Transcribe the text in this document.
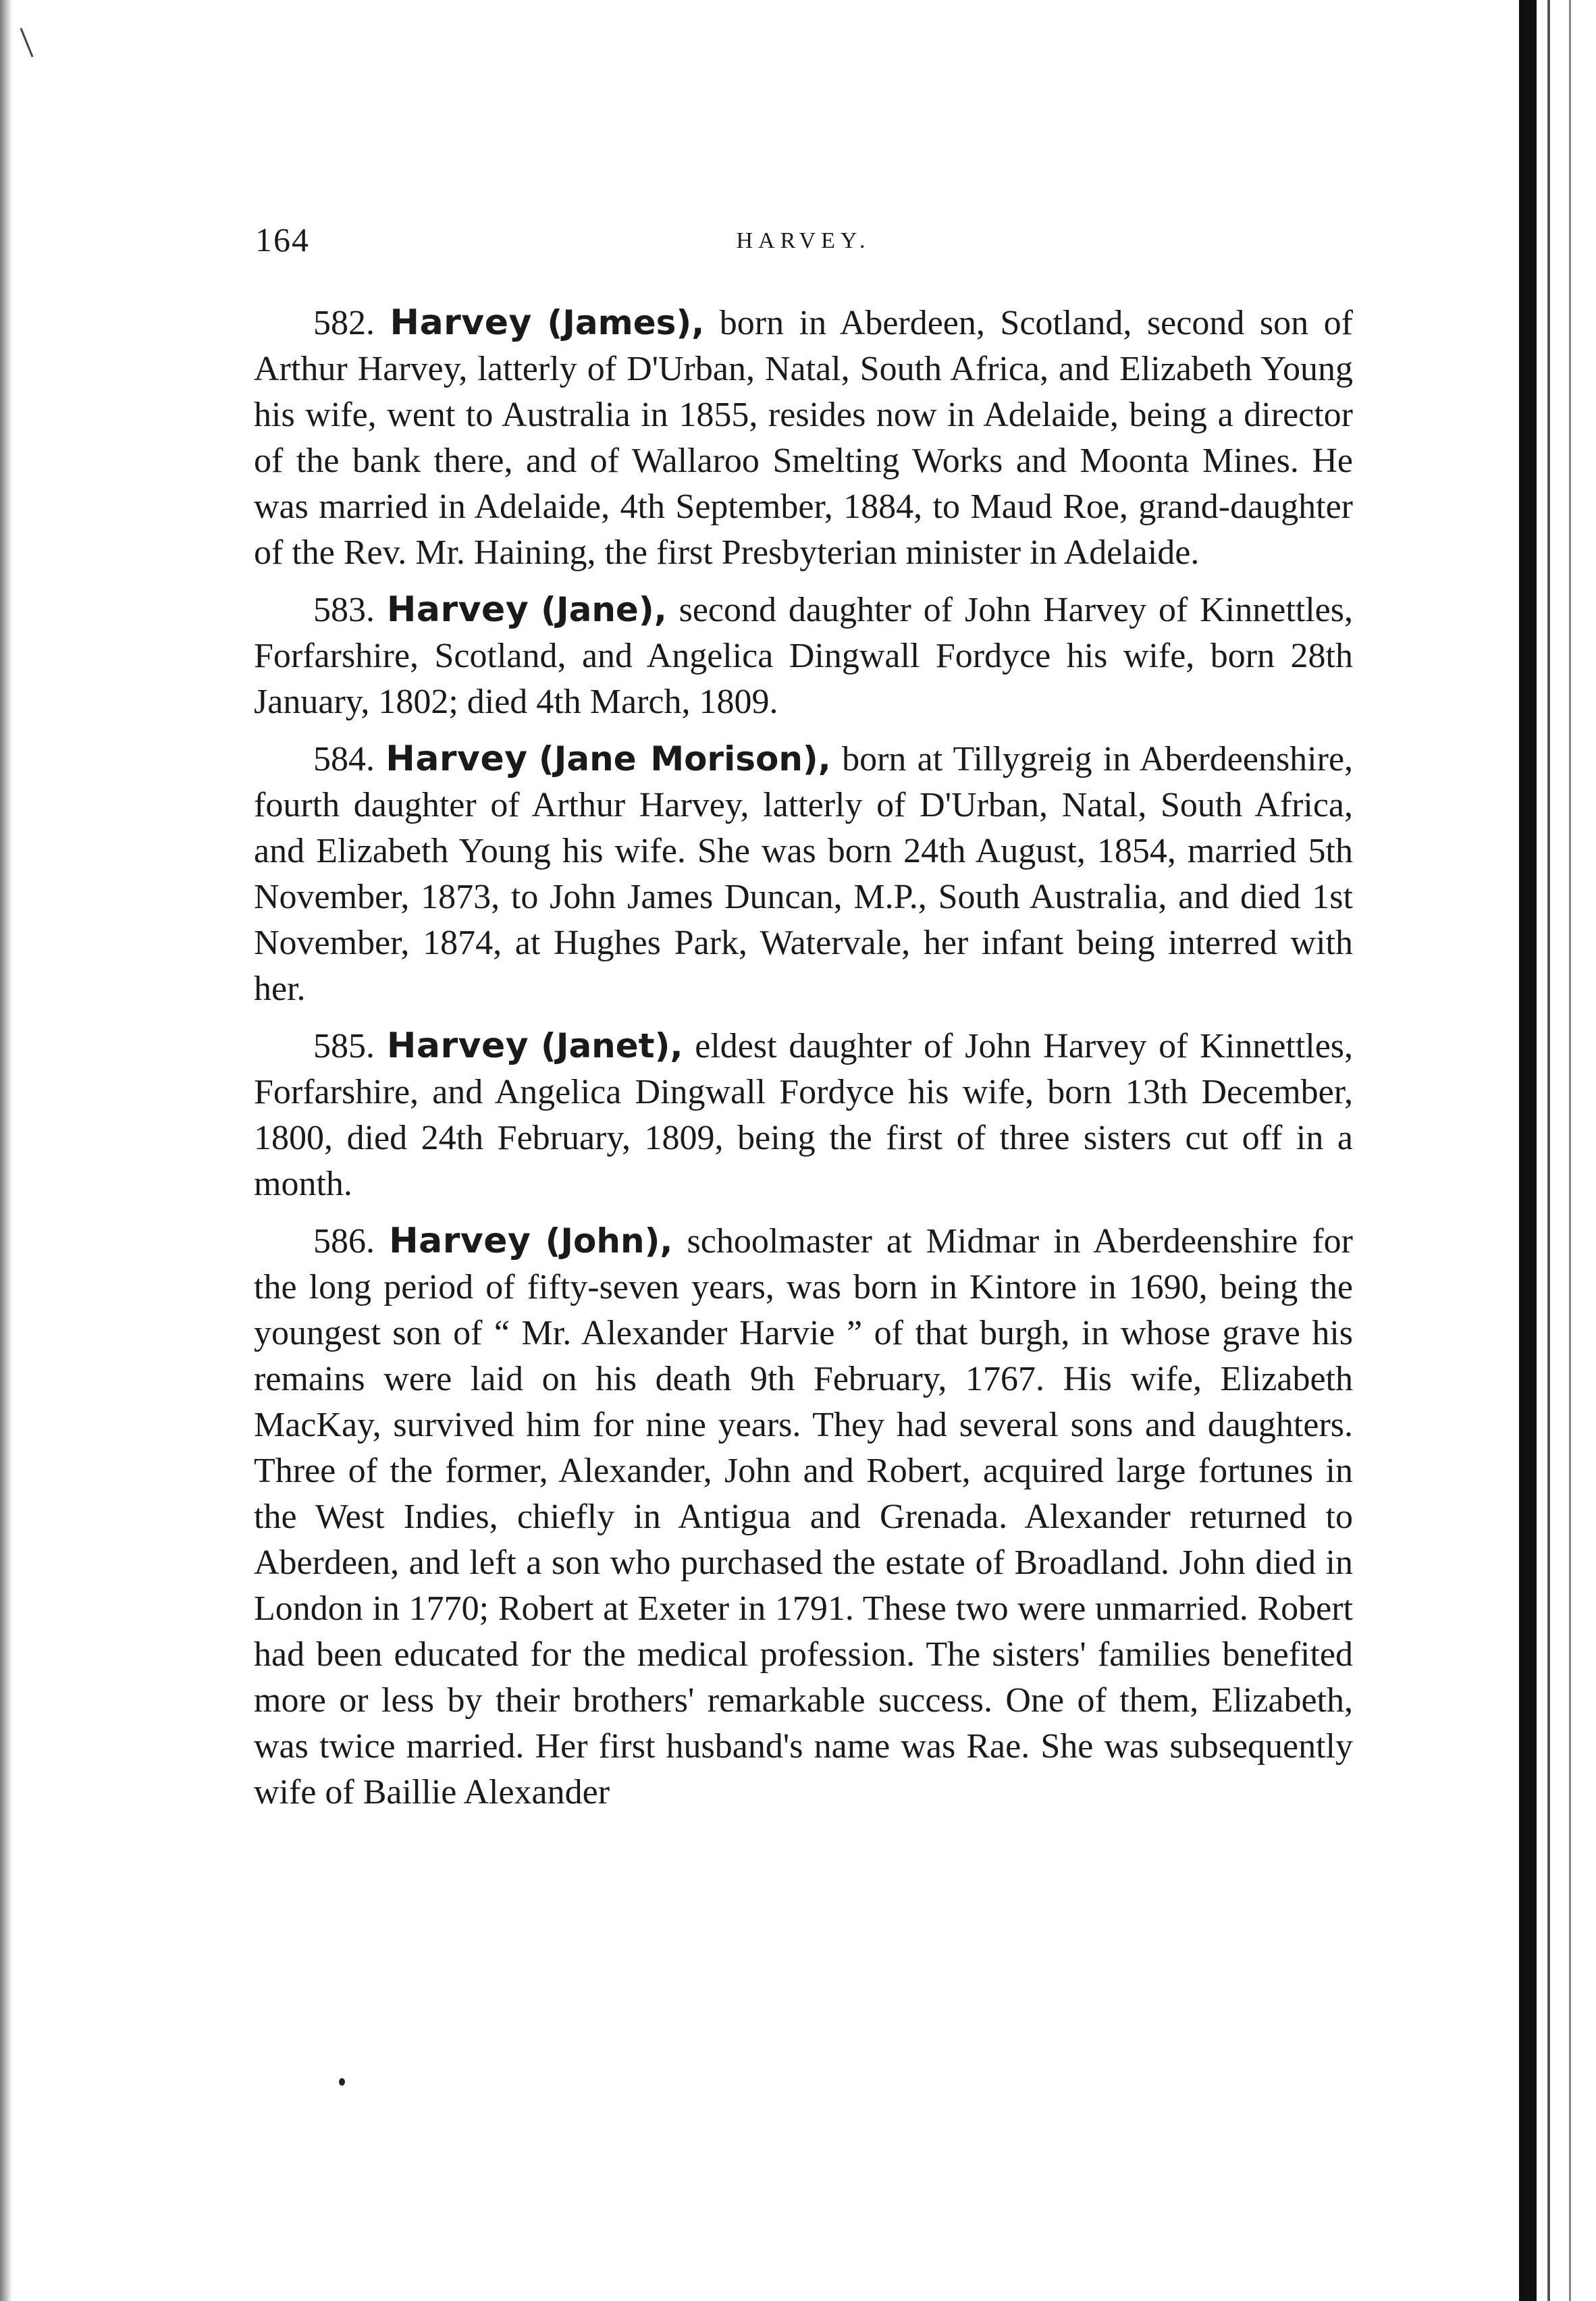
164	HARVEY.

582. Harvey (James), born in Aberdeen, Scotland, second son of Arthur Harvey, latterly of D'Urban, Natal, South Africa, and Elizabeth Young his wife, went to Australia in 1855, resides now in Adelaide, being a director of the bank there, and of Wallaroo Smelting Works and Moonta Mines. He was married in Adelaide, 4th September, 1884, to Maud Roe, grand-daughter of the Rev. Mr. Haining, the first Presbyterian minister in Adelaide.

583. Harvey (Jane), second daughter of John Harvey of Kinnettles, Forfarshire, Scotland, and Angelica Dingwall Fordyce his wife, born 28th January, 1802; died 4th March, 1809.

584. Harvey (Jane Morison), born at Tillygreig in Aberdeenshire, fourth daughter of Arthur Harvey, latterly of D'Urban, Natal, South Africa, and Elizabeth Young his wife. She was born 24th August, 1854, married 5th November, 1873, to John James Duncan, M.P., South Australia, and died 1st November, 1874, at Hughes Park, Watervale, her infant being interred with her.

585. Harvey (Janet), eldest daughter of John Harvey of Kinnettles, Forfarshire, and Angelica Dingwall Fordyce his wife, born 13th December, 1800, died 24th February, 1809, being the first of three sisters cut off in a month.

586. Harvey (John), schoolmaster at Midmar in Aberdeenshire for the long period of fifty-seven years, was born in Kintore in 1690, being the youngest son of “ Mr. Alexander Harvie ” of that burgh, in whose grave his remains were laid on his death 9th February, 1767. His wife, Elizabeth MacKay, survived him for nine years. They had several sons and daughters. Three of the former, Alexander, John and Robert, acquired large fortunes in the West Indies, chiefly in Antigua and Grenada. Alexander returned to Aberdeen, and left a son who purchased the estate of Broadland. John died in London in 1770; Robert at Exeter in 1791. These two were unmarried. Robert had been educated for the medical profession. The sisters' families benefited more or less by their brothers' remarkable success. One of them, Elizabeth, was twice married. Her first husband's name was Rae. She was subsequently wife of Baillie Alexander
